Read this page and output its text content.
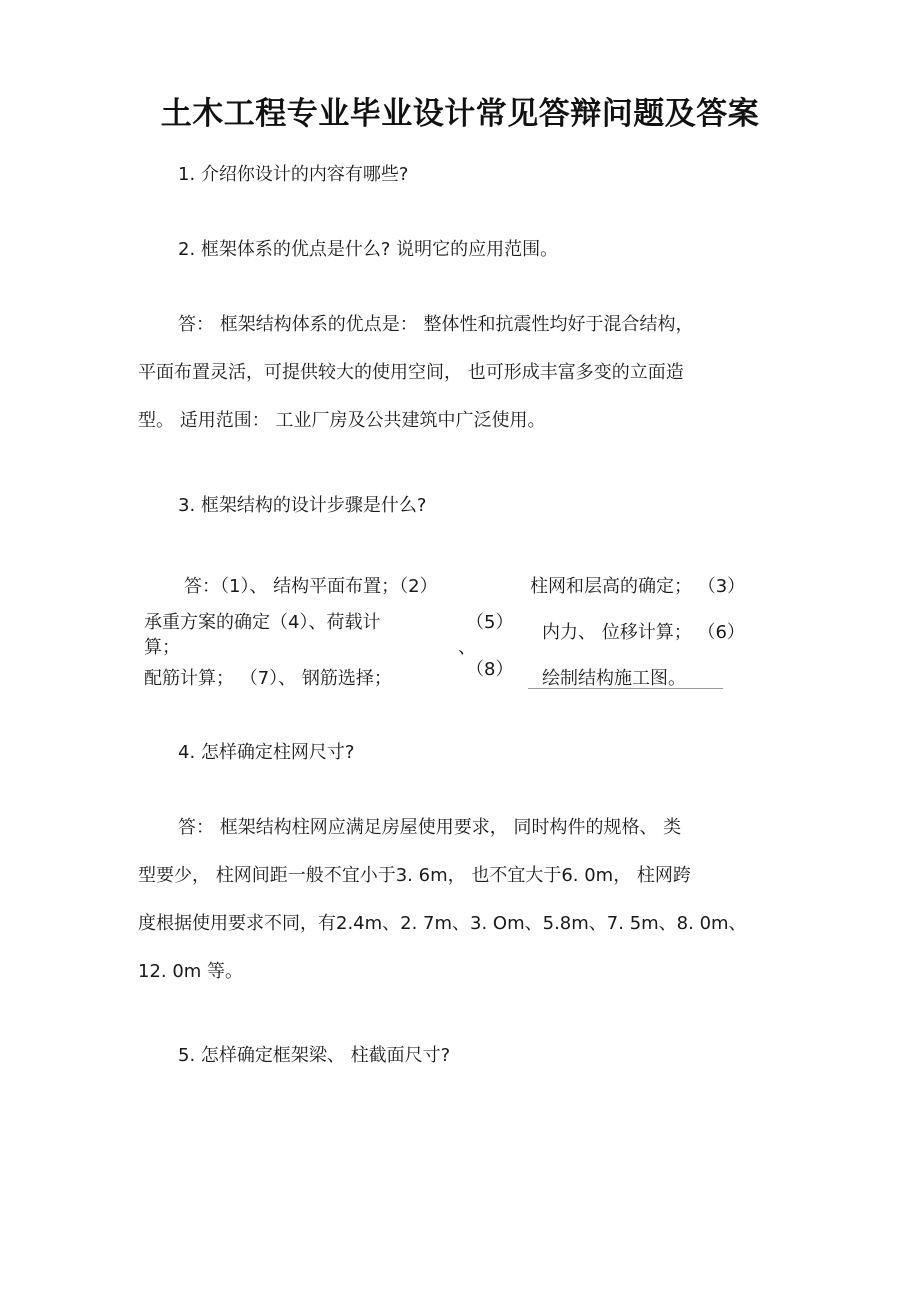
土木工程专业毕业设计常见答辩问题及答案
1. 介绍你设计的内容有哪些?
2. 框架体系的优点是什么? 说明它的应用范围。
答： 框架结构体系的优点是： 整体性和抗震性均好于混合结构，
平面布置灵活，可提供较大的使用空间， 也可形成丰富多变的立面造
型。 适用范围： 工业厂房及公共建筑中广泛使用。
3. 框架结构的设计步骤是什么?
答：（1）、 结构平面布置；（2）	柱网和层高的确定； （3）
承重方案的确定（4）、荷载计
算；
（5）
、
内力、 位移计算； （6）
配筋计算； （7）、 钢筋选择；	（8） 绘制结构施工图。
4. 怎样确定柱网尺寸?
答： 框架结构柱网应满足房屋使用要求， 同时构件的规格、 类
型要少， 柱网间距一般不宜小于3. 6m， 也不宜大于6. 0m， 柱网跨
度根据使用要求不同，有2.4m、2. 7m、3. Om、5.8m、7. 5m、8. 0m、
12. 0m 等。
5. 怎样确定框架梁、 柱截面尺寸?
